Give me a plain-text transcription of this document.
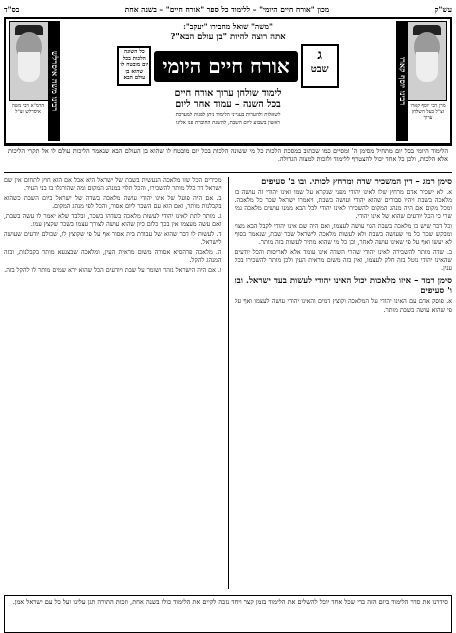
עש"ק
מכון "אורח חיים היומי" – ללימוד כל ספר "אורח חיים" – בשנה אחת
בס"ד
רבינו יוסף קארו
מרן רבי יוסף קארו זצ"ל בעל השלחן ערוך
רבינו משה איסרלש
הרמ"א רבי משה איסרלש זצ"ל
"משה" שואל מחבירו "יעקב":
אתה רוצה להיות "בן עולם הבא"?
ג
שבט
אורח חיים היומי
כל השונה הלכות בכל יום מובטח לו שהוא בן עולם הבא
לימוד שולחן ערוך אורח חיים
בכל השנה – עמוד אחר ליום
לשאלות ולהערות בענייני הלימוד ניתן לפנות למערכת
ראשון בשבוע ליום השבת, להשגת החוברת פנו אלינו
הלימוד היומי בכל יום מתחיל מסימן ה' ומסיים כמו שכתוב במסכת הלכות כל מי ששונה הלכות בכל יום מובטח לו שהוא בן העולם הבא שנאמר הליכות עולם לו אל תקרי הליכות אלא הלכות, ולכן כל אחד יכול להצטרף ללימוד ולזכות למצוה הגדולה.
סימן רמג – דין המשכיר שדה ומרחץ לכותי. ובו ב' סעיפים

א. לא ישכיר אדם מרחץ שלו לאינו יהודי מפני שנקרא על שמו ואינו יהודי זה עושה בו מלאכה בשבת ויהיו סבורים שהוא יהודי ועושה בשבת, ויאמרו ישראל שכר כל מלאכה. ומכל מקום אם היה מנהג המקום להשכירו לאינו יהודי לכל הבא ממנו עושים מלאכה נמי שרי כי הכל יודעים שהוא של אינו יהודי.

וכל דבר שיש בו מלאכה בשבת הגוי עושה לעצמו, ואם היה שם אינו יהודי לקבל הבא מצוי ומבקש שכר כל מי שעושה בשבת ולא לעשות מלאכה לישראל שכר שבת, שנאמר בסוף לא יעשו ואף על פי שאינו עושה לאחר, וכן כל מי שהוא מתיר לעשות בזה מותר.

ב. שדה מותר להשכירה לאינו יהודי שהרי השדה אינו עומד אלא לאריסות והכל יודעים שהאינו יהודי נוטל בזה חלק לעצמו, ואין בזה משום מראית העין ולכן מותר להשכירו בכל ענין.

סימן רמד – איזו מלאכות יכול האינו יהודי לעשות בעד ישראל. ובו ו' סעיפים

א. פוסק אדם עם האינו יהודי על המלאכה וקוצץ דמים והאינו יהודי עושה לעצמו ואף על פי שהוא עושה בשבת מותר.

מכירים הכל שזו מלאכה הנעשית בשבת של ישראל היא אבל אם הוא חוץ לתחום אין שם ישראל דר כלל מותר להשכירו, והכל תלוי במנהג המקום ומה שהורגלו בו בני העיר.

ב. אם היה פועל של אינו יהודי עושה מלאכה בשדה של ישראל ביום השבת כשהוא בקבלנות מותר, ואם הוא עם השכר ליום אסור, והכל לפי מנהג המקום.

ג. מותר לתת לאינו יהודי לעשות מלאכה בשדהו בשכר, ובלבד שלא יאמר לו עשה בשבת, ואם עשה מעצמו אין בכך כלום כיון שהוא עושה לצורך עצמו בשכר שקצץ עמו.

ד. לעשות לו דבר שהוא של עבודת בית אסור אף על פי שקוצץ לו, שכולם יודעים שעושה לישראל.

ה. מלאכה פרהסיא אסורה משום מראית העין, ומלאכה שבצנעא מותר בקבלנות, ובזה המנהג להקל.

ו. אם היה הישראל נזהר ושומר על שבת ויודעים הכל שהוא ירא שמים מותר לו להקל בזה.

סידרנו את סדר הלימוד ביום הזה כדי שכל אחד יוכל להשלים את הלימוד בזמן קצר ויחד נזכה לקיים את הלימוד כולו בשנה אחת, וזכות התורה תגן עלינו ועל כל עם ישראל אמן.
